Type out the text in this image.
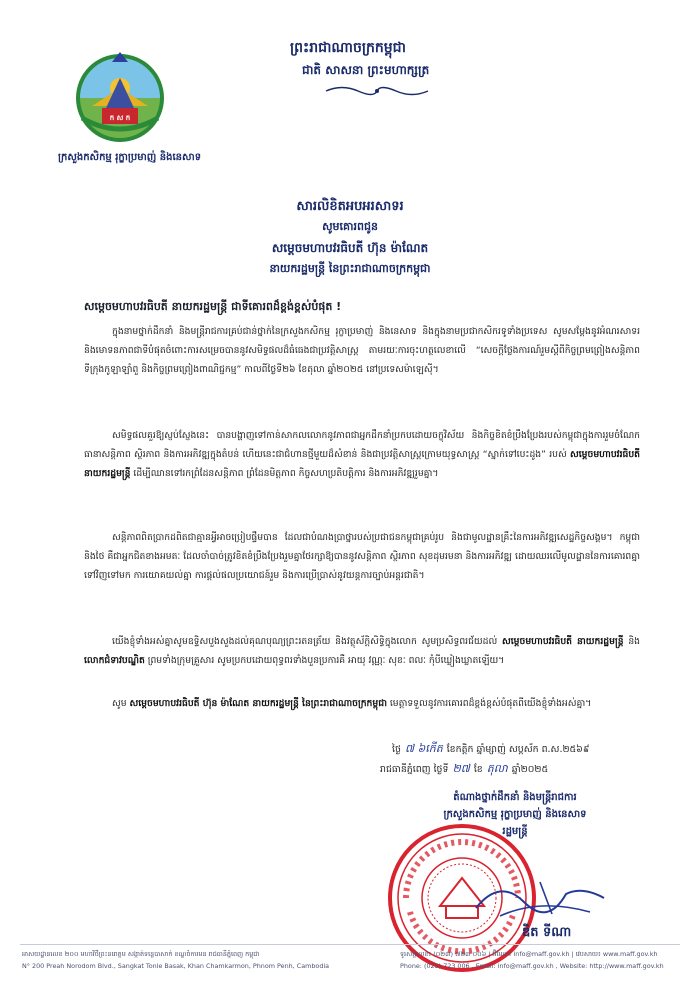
ក ស ក
ក្រសួងកសិកម្ម រុក្ខាប្រមាញ់ និងនេសាទ
ព្រះរាជាណាចក្រកម្ពុជា
ជាតិ សាសនា ព្រះមហាក្សត្រ
សារលិខិតអបអរសាទរ
សូមគោរពជូន
សម្តេចមហាបវរធិបតី ហ៊ុន ម៉ាណែត
នាយករដ្ឋមន្ត្រី នៃព្រះរាជាណាចក្រកម្ពុជា
សម្តេចមហាបវរធិបតី នាយករដ្ឋមន្ត្រី ជាទីគោរពដ៏ខ្ពង់ខ្ពស់បំផុត !
ក្នុងនាមថ្នាក់ដឹកនាំ និងមន្ត្រីរាជការគ្រប់ជាន់ថ្នាក់នៃក្រសួងកសិកម្ម រុក្ខាប្រមាញ់ និងនេសាទ និងក្នុងនាមប្រជាកសិករទូទាំងប្រទេស សូមសម្តែងនូវអំណរសាទរ និងមោទនភាពជាទីបំផុតចំពោះការសម្រេចបាននូវសមិទ្ធផលដ៏ធំធេងជាប្រវត្តិសាស្ត្រ តាមរយៈការចុះហត្ថលេខាលើ “សេចក្តីថ្លែងការណ៍រួមស្តីពីកិច្ចព្រមព្រៀងសន្តិភាពទីក្រុងកូឡាឡាំពួ និងកិច្ចព្រមព្រៀងពាណិជ្ជកម្ម” កាលពីថ្ងៃទី២៦ ខែតុលា ឆ្នាំ២០២៥ នៅប្រទេសម៉ាឡេស៊ី។
សមិទ្ធផលគួរឱ្យស្ញប់ស្ញែងនេះ បានបង្ហាញទៅកាន់សាកលលោកនូវភាពជាអ្នកដឹកនាំប្រកបដោយចក្ខុវិស័យ និងកិច្ចខិតខំប្រឹងប្រែងរបស់កម្ពុជាក្នុងការរួមចំណែកធានាសន្តិភាព ស្ថិរភាព និងការអភិវឌ្ឍក្នុងតំបន់ ហើយនេះជាជំហានថ្មីមួយដ៏សំខាន់ និងជាប្រវត្តិសាស្ត្រក្រោមយុទ្ធសាស្ត្រ “ស្នាក់ទៅបេះដូង” របស់ សម្តេចមហាបវរធិបតី នាយករដ្ឋមន្ត្រី ដើម្បីឈានទៅរកព្រំដែនសន្តិភាព ព្រំដែនមិត្តភាព កិច្ចសហប្រតិបត្តិការ និងការអភិវឌ្ឍរួមគ្នា។
សន្តិភាពពិតប្រាកដពិតជាគ្មានអ្វីអាចប្រៀបផ្ទឹមបាន ដែលជាបំណងប្រាថ្នារបស់ប្រជាជនកម្ពុជាគ្រប់រូប និងជាមូលដ្ឋានគ្រឹះនៃការអភិវឌ្ឍសេដ្ឋកិច្ចសង្គម។ កម្ពុជា និងថៃ គឺជាអ្នកជិតខាងអមតៈ ដែលចាំបាច់ត្រូវខិតខំប្រឹងប្រែងរួមគ្នាថែរក្សាឱ្យបាននូវសន្តិភាព ស្ថិរភាព សុខដុមរមនា និងការអភិវឌ្ឍ ដោយឈរលើមូលដ្ឋាននៃការគោរពគ្នាទៅវិញទៅមក ការយោគយល់គ្នា ការផ្តល់ផលប្រយោជន៍រួម និងការប្រើប្រាស់នូវយន្តការច្បាប់អន្តរជាតិ។
យើងខ្ញុំទាំងអស់គ្នាសូមឧទ្ទិសបួងសួងដល់គុណបុណ្យព្រះរតនត្រ័យ និងវត្ថុស័ក្តិសិទ្ធិក្នុងលោក សូមប្រសិទ្ធពរជ័យដល់ សម្តេចមហាបវរធិបតី នាយករដ្ឋមន្ត្រី និង លោកជំទាវបណ្ឌិត ព្រមទាំងក្រុមគ្រួសារ សូមប្រកបដោយពុទ្ធពរទាំងបួនប្រការគឺ អាយុ វណ្ណៈ សុខៈ ពលៈ កុំបីឃ្លៀងឃ្លាតឡើយ។
សូម សម្តេចមហាបវរធិបតី ហ៊ុន ម៉ាណែត នាយករដ្ឋមន្ត្រី នៃព្រះរាជាណាចក្រកម្ពុជា មេត្តាទទួលនូវការគោរពដ៏ខ្ពង់ខ្ពស់បំផុតពីយើងខ្ញុំទាំងអស់គ្នា។
ថ្ងៃ ៧ ៦កើត ខែកត្តិក ឆ្នាំម្សាញ់ សប្តស័ក ព.ស.២៥៦៩
រាជធានីភ្នំពេញ ថ្ងៃទី ២៧ ខែ តុលា ឆ្នាំ២០២៥
តំណាងថ្នាក់ដឹកនាំ និងមន្ត្រីរាជការ
ក្រសួងកសិកម្ម រុក្ខាប្រមាញ់ និងនេសាទ
រដ្ឋមន្ត្រី
ឌិត ទីណា
អាសយដ្ឋានលេខ ២០០ មហាវិថីព្រះនរោត្តម សង្កាត់ទន្លេបាសាក់ ខណ្ឌចំការមន រាជធានីភ្នំពេញ កម្ពុជា
N° 200 Preah Norodom Blvd., Sangkat Tonle Basak, Khan Chamkarmon, Phnom Penh, Cambodia
ទូរស័ព្ទលេខ៖ (០២៣) ៧២៣ ០០៦ | អ៊ីមែល៖ info@maff.gov.kh | វេបសាយ៖ www.maff.gov.kh
Phone: (023) 723 006 , Email: info@maff.gov.kh , Website: http://www.maff.gov.kh
